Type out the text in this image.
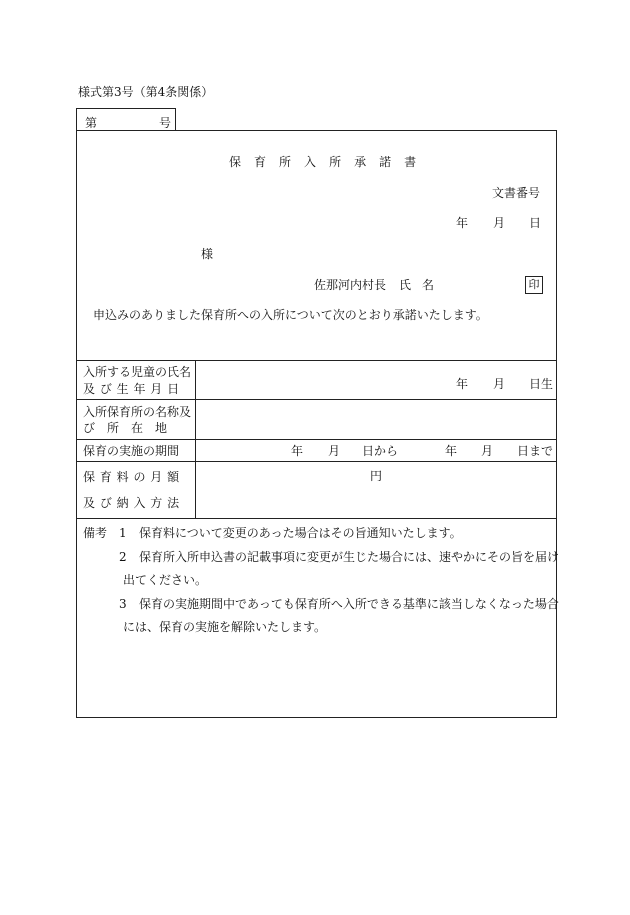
様式第3号（第4条関係）
第	号
保 育 所 入 所 承 諾 書
文書番号
年 月 日
様
佐那河内村長 氏 名	印
申込みのありました保育所への入所について次のとおり承諾いたします。
入所する児童の氏名
及 び 生 年 月 日	年 月 日生
入所保育所の名称及
び　所　在　地
保育の実施の期間	年 月 日から	年 月 日まで
保 育 料 の 月 額
及 び 納 入 方 法
円
備考 1 保育料について変更のあった場合はその旨通知いたします。
2 保育所入所申込書の記載事項に変更が生じた場合には、速やかにその旨を届け
出てください。
3 保育の実施期間中であっても保育所へ入所できる基準に該当しなくなった場合
には、保育の実施を解除いたします。
